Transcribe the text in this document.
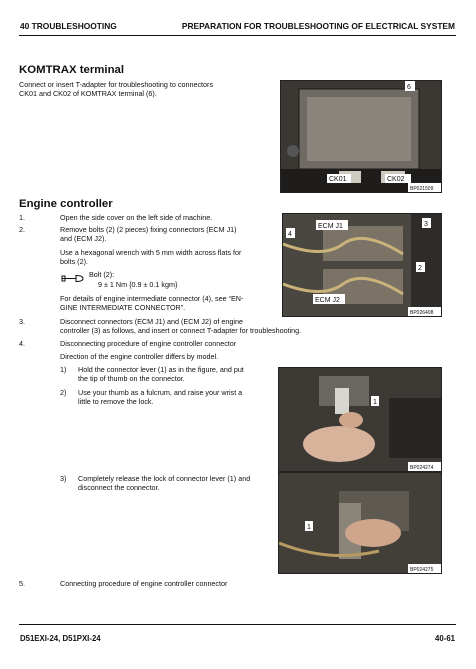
40 TROUBLESHOOTING	PREPARATION FOR TROUBLESHOOTING OF ELECTRICAL SYSTEM
KOMTRAX terminal
Connect or insert T-adapter for troubleshooting to connectors
CK01 and CK02 of KOMTRAX terminal (6).
6
CK01	CK02
BP021509
Engine controller
1.	Open the side cover on the left side of machine.
2.	Remove bolts (2) (2 pieces) fixing connectors (ECM J1)
and (ECM J2).
Use a hexagonal wrench with 5 mm width across flats for
bolts (2).
Bolt (2):
9 ± 1 Nm {0.9 ± 0.1 kgm}
For details of engine intermediate connector (4), see “EN-
GINE INTERMEDIATE CONNECTOR”.
ECM J1
ECM J2
4
3
2
BP026408
3.	Disconnect connectors (ECM J1) and (ECM J2) of engine
controller (3) as follows, and insert or connect T-adapter for troubleshooting.
4.	Disconnecting procedure of engine controller connector
Direction of the engine controller differs by model.
1) Hold the connector lever (1) as in the figure, and put
the tip of thumb on the connector.
2) Use your thumb as a fulcrum, and raise your wrist a
little to remove the lock.	1
BP024274
3) Completely release the lock of connector lever (1) and
disconnect the connector.
1
BP024275
5.	Connecting procedure of engine controller connector
D51EXI-24, D51PXI-24	40-61
